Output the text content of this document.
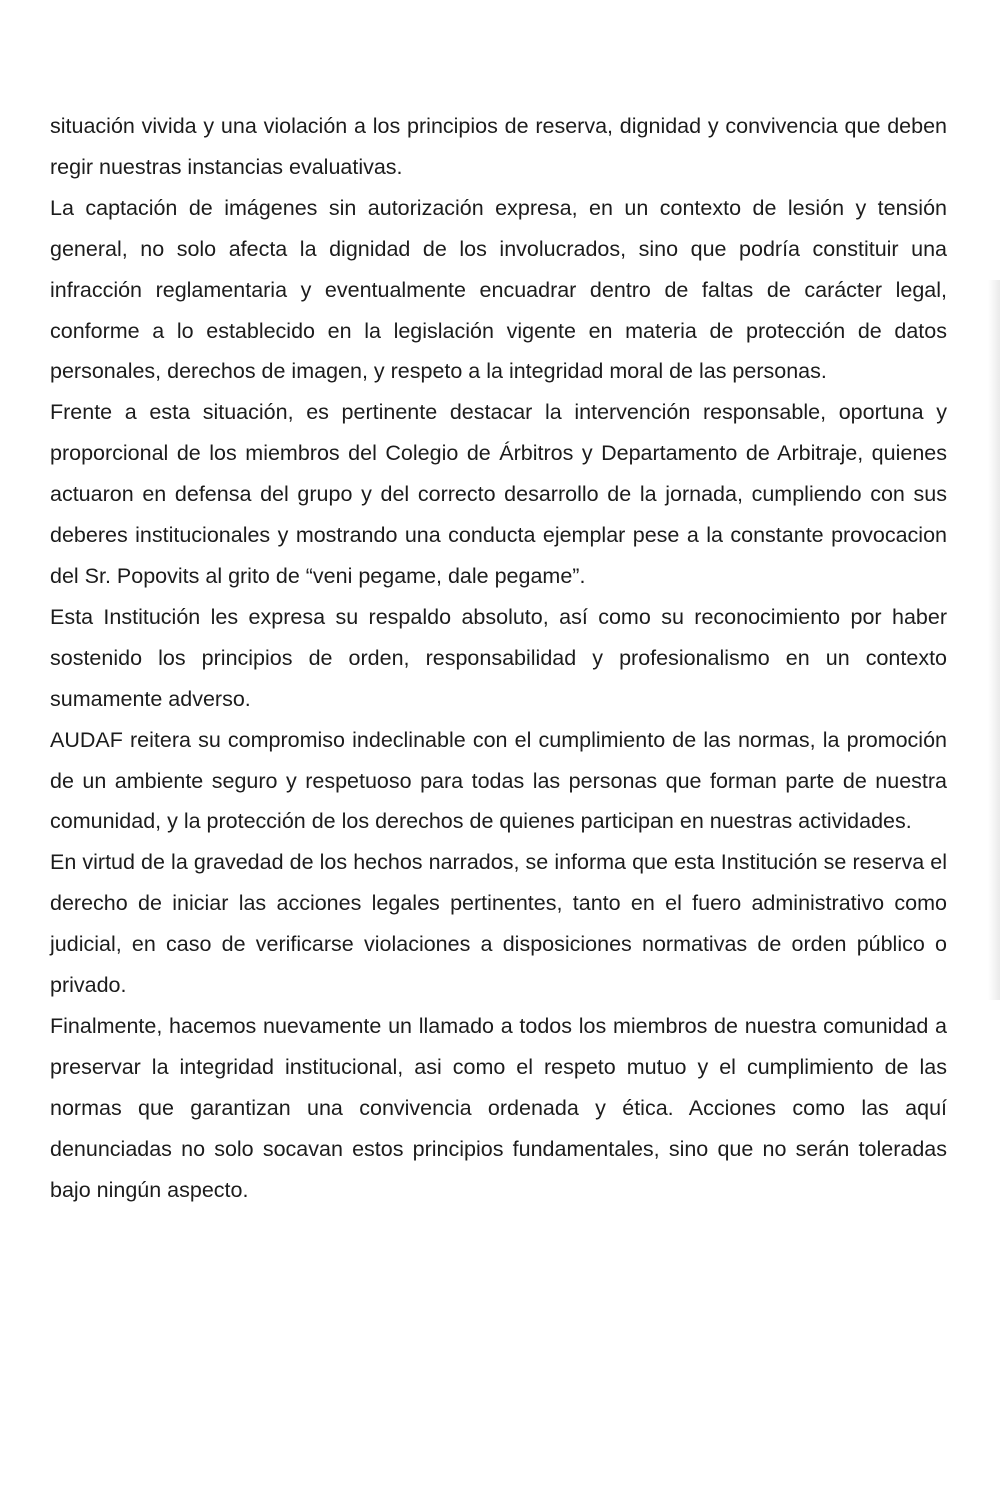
situación vivida y una violación a los principios de reserva, dignidad y convivencia que deben regir nuestras instancias evaluativas.

La captación de imágenes sin autorización expresa, en un contexto de lesión y tensión general, no solo afecta la dignidad de los involucrados, sino que podría constituir una infracción reglamentaria y eventualmente encuadrar dentro de faltas de carácter legal, conforme a lo establecido en la legislación vigente en materia de protección de datos personales, derechos de imagen, y respeto a la integridad moral de las personas.

Frente a esta situación, es pertinente destacar la intervención responsable, oportuna y proporcional de los miembros del Colegio de Árbitros y Departamento de Arbitraje, quienes actuaron en defensa del grupo y del correcto desarrollo de la jornada, cumpliendo con sus deberes institucionales y mostrando una conducta ejemplar pese a la constante provocacion del Sr. Popovits al grito de “veni pegame, dale pegame”.

Esta Institución les expresa su respaldo absoluto, así como su reconocimiento por haber sostenido los principios de orden, responsabilidad y profesionalismo en un contexto sumamente adverso.

AUDAF reitera su compromiso indeclinable con el cumplimiento de las normas, la promoción de un ambiente seguro y respetuoso para todas las personas que forman parte de nuestra comunidad, y la protección de los derechos de quienes participan en nuestras actividades.

En virtud de la gravedad de los hechos narrados, se informa que esta Institución se reserva el derecho de iniciar las acciones legales pertinentes, tanto en el fuero administrativo como judicial, en caso de verificarse violaciones a disposiciones normativas de orden público o privado.

Finalmente, hacemos nuevamente un llamado a todos los miembros de nuestra comunidad a preservar la integridad institucional, asi como el respeto mutuo y el cumplimiento de las normas que garantizan una convivencia ordenada y ética. Acciones como las aquí denunciadas no solo socavan estos principios fundamentales, sino que no serán toleradas bajo ningún aspecto.
